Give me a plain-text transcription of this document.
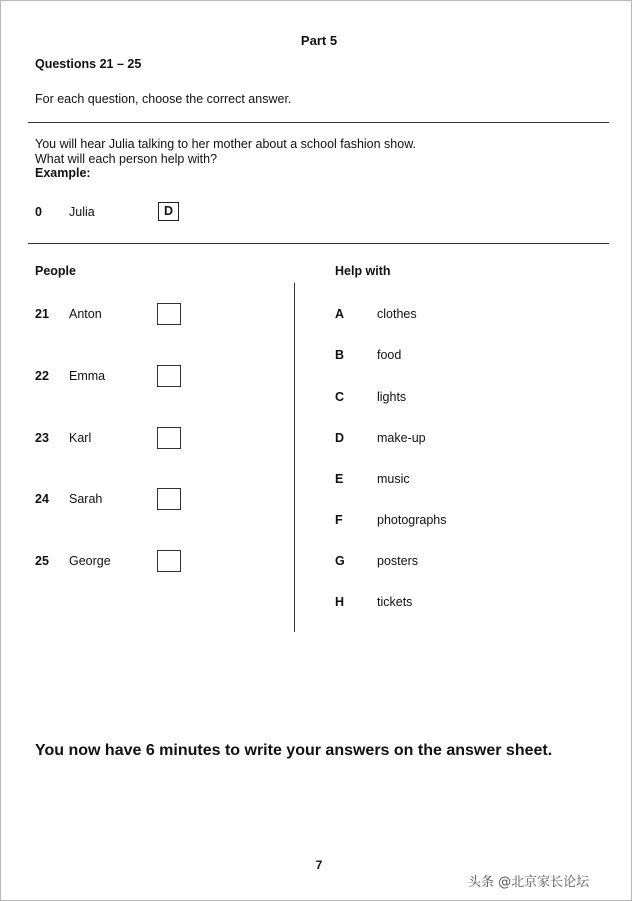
Part 5
Questions 21 – 25
For each question, choose the correct answer.
You will hear Julia talking to her mother about a school fashion show.
What will each person help with?
Example:
0 Julia	D
People	Help with
21 Anton
22 Emma
23 Karl
24 Sarah
25 George
A	clothes
B	food
C	lights
D	make-up
E	music
F	photographs
G	posters
H	tickets
You now have 6 minutes to write your answers on the answer sheet.
7
头条 @北京家长论坛
